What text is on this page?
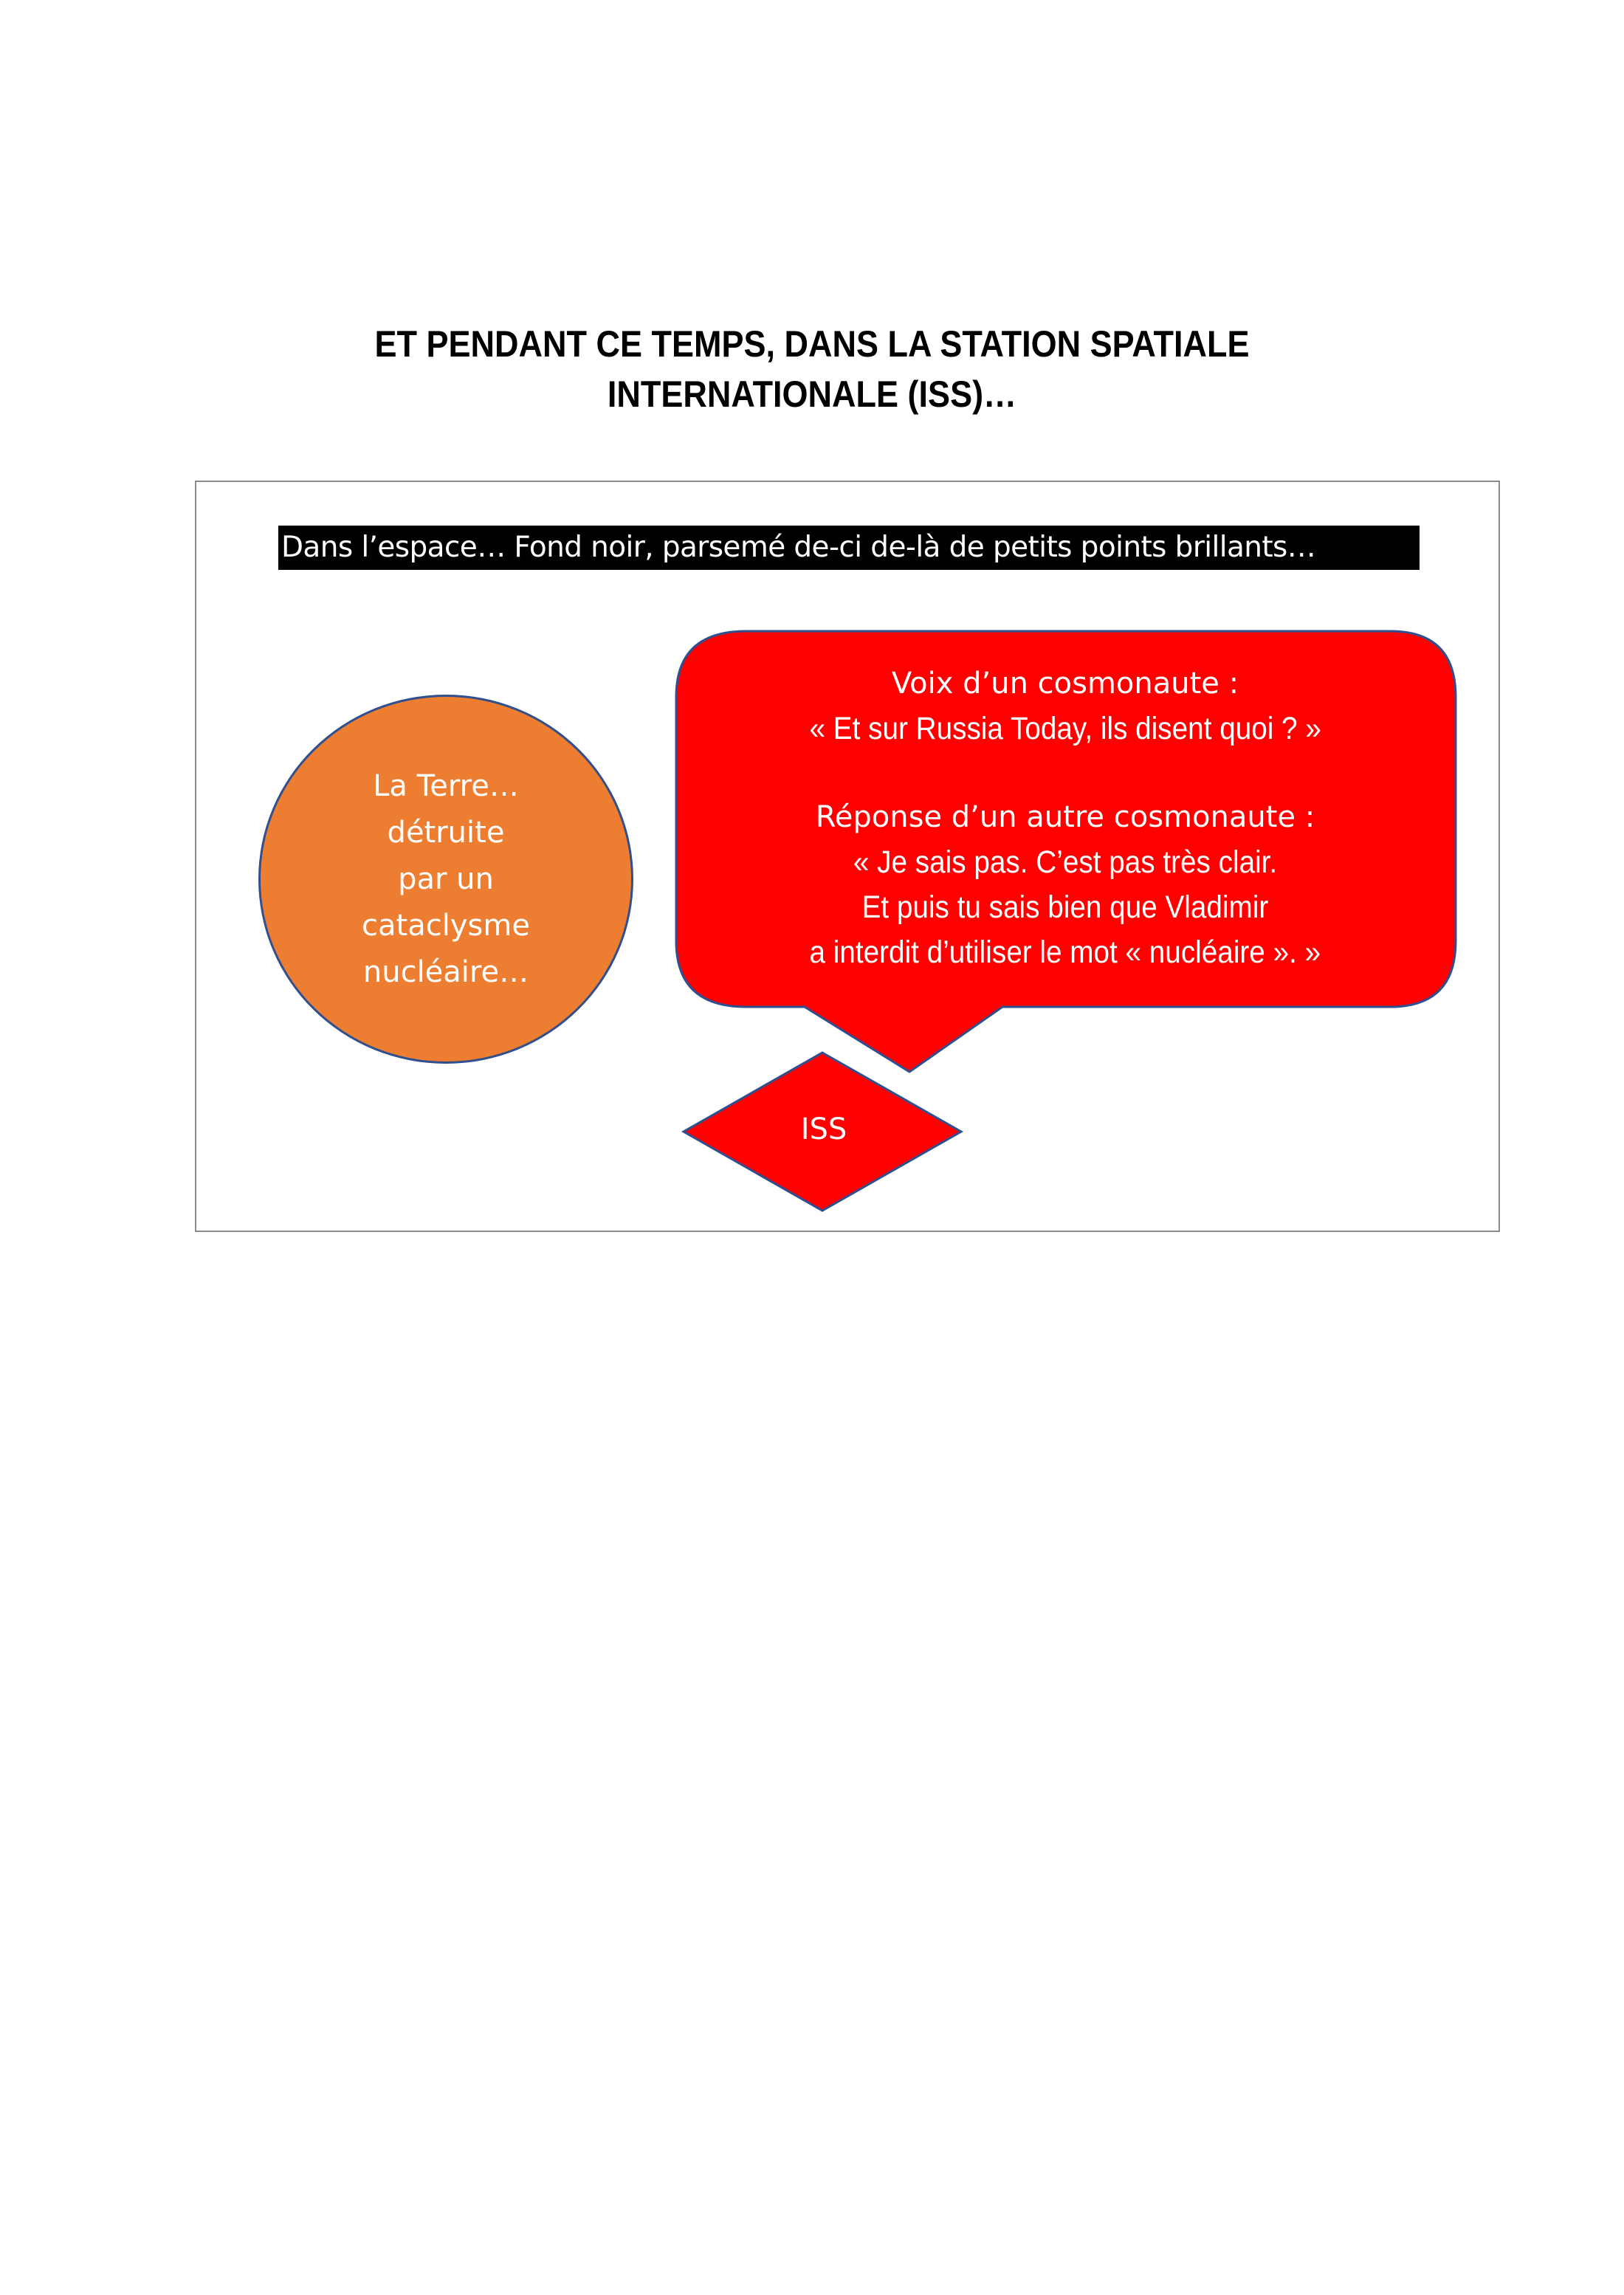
ET PENDANT CE TEMPS, DANS LA STATION SPATIALE
INTERNATIONALE (ISS)…
Dans l’espace… Fond noir, parsemé de-ci de-là de petits points brillants…
La Terre…
détruite
par un
cataclysme
nucléaire…
Voix d’un cosmonaute :
« Et sur Russia Today, ils disent quoi ? »
Réponse d’un autre cosmonaute :
« Je sais pas. C’est pas très clair.
Et puis tu sais bien que Vladimir
a interdit d’utiliser le mot « nucléaire ». »
ISS
